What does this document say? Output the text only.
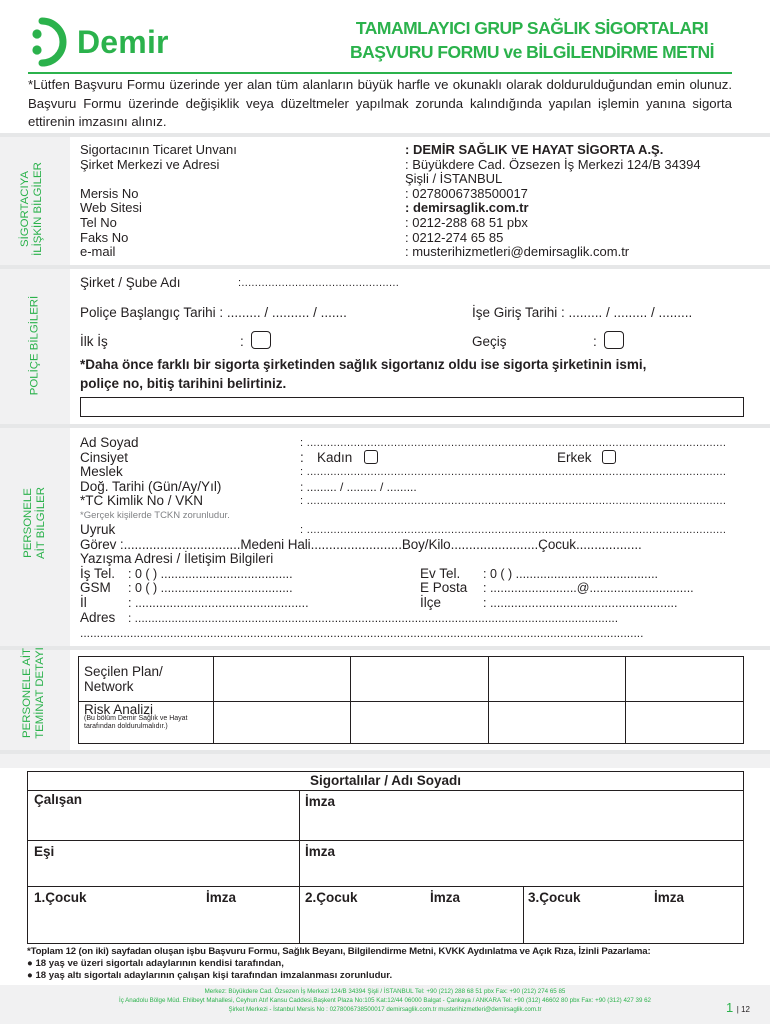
Demir	TAMAMLAYICI GRUP SAĞLIK SİGORTALARI
BAŞVURU FORMU ve BİLGİLENDİRME METNİ
*Lütfen Başvuru Formu üzerinde yer alan tüm alanların büyük harfle ve okunaklı olarak doldurulduğundan emin olunuz. Başvuru Formu üzerinde değişiklik veya düzeltmeler yapılmak zorunda kalındığında yapılan işlemin yanına sigorta ettirenin imzasını alınız.
SİGORTACIYA İLİŞKİN BİLGİLER
Sigortacının Ticaret Unvanı	: DEMİR SAĞLIK VE HAYAT SİGORTA A.Ş.
Şirket Merkezi ve Adresi	: Büyükdere Cad. Özsezen İş Merkezi 124/B 34394
Şişli / İSTANBUL
Mersis No	: 0278006738500017
Web Sitesi	: demirsaglik.com.tr
Tel No	: 0212-288 68 51 pbx
Faks No	: 0212-274 65 85
e-mail	: musterihizmetleri@demirsaglik.com.tr
POLİÇE BİLGİLERİ
Şirket / Şube Adı	:...............................................
Poliçe Başlangıç Tarihi : ......... / .......... / .......	İşe Giriş Tarihi : ......... / ......... / .........
İlk İş	:	Geçiş	:
*Daha önce farklı bir sigorta şirketinden sağlık sigortanız oldu ise sigorta şirketinin ismi,
poliçe no, bitiş tarihini belirtiniz.
PERSONELE AİT BİLGİLER
Ad Soyad	: .............................................................................................................................
Cinsiyet	: Kadın	Erkek
Meslek	: .............................................................................................................................
Doğ. Tarihi (Gün/Ay/Yıl)	: ......... / ......... / .........
*TC Kimlik No / VKN	: .............................................................................................................................
*Gerçek kişilerde TCKN zorunludur.
Uyruk	: .............................................................................................................................
Görev :................................Medeni Hali.........................Boy/Kilo........................Çocuk..................
Yazışma Adresi / İletişim Bilgileri
İş Tel. : 0 ( ) ......................................	Ev Tel. : 0 ( ) .........................................
GSM : 0 ( ) ......................................	E Posta : .........................@..............................
İl	: ..................................................	İlçe	: ......................................................
Adres : .................................................................................................................................................
.........................................................................................................................................................................
PERSONELE AİT TEMİNAT DETAYI	Seçilen Plan/
Network
Risk Analizi
(Bu bölüm Demir Sağlık ve Hayat tarafından doldurulmalıdır.)
Sigortalılar / Adı Soyadı
Çalışan	İmza
Eşi	İmza
1.Çocuk	İmza	2.Çocuk	İmza	3.Çocuk	İmza
*Toplam 12 (on iki) sayfadan oluşan işbu Başvuru Formu, Sağlık Beyanı, Bilgilendirme Metni, KVKK Aydınlatma ve Açık Rıza, İzinli Pazarlama:
● 18 yaş ve üzeri sigortalı adaylarının kendisi tarafından,
● 18 yaş altı sigortalı adaylarının çalışan kişi tarafından imzalanması zorunludur.
Merkez: Büyükdere Cad. Özsezen İş Merkezi 124/B 34394 Şişli / İSTANBUL Tel: +90 (212) 288 68 51 pbx Fax: +90 (212) 274 65 85
İç Anadolu Bölge Müd. Ehlibeyt Mahallesi, Ceyhun Atıf Kansu Caddesi,Başkent Plaza No:105 Kat:12/44 06000 Balgat - Çankaya / ANKARA Tel: +90 (312) 46602 80 pbx Fax: +90 (312) 427 39 62
Şirket Merkezi - İstanbul Mersis No : 0278006738500017 demirsaglik.com.tr musterihizmetleri@demirsaglik.com.tr	1 | 12
